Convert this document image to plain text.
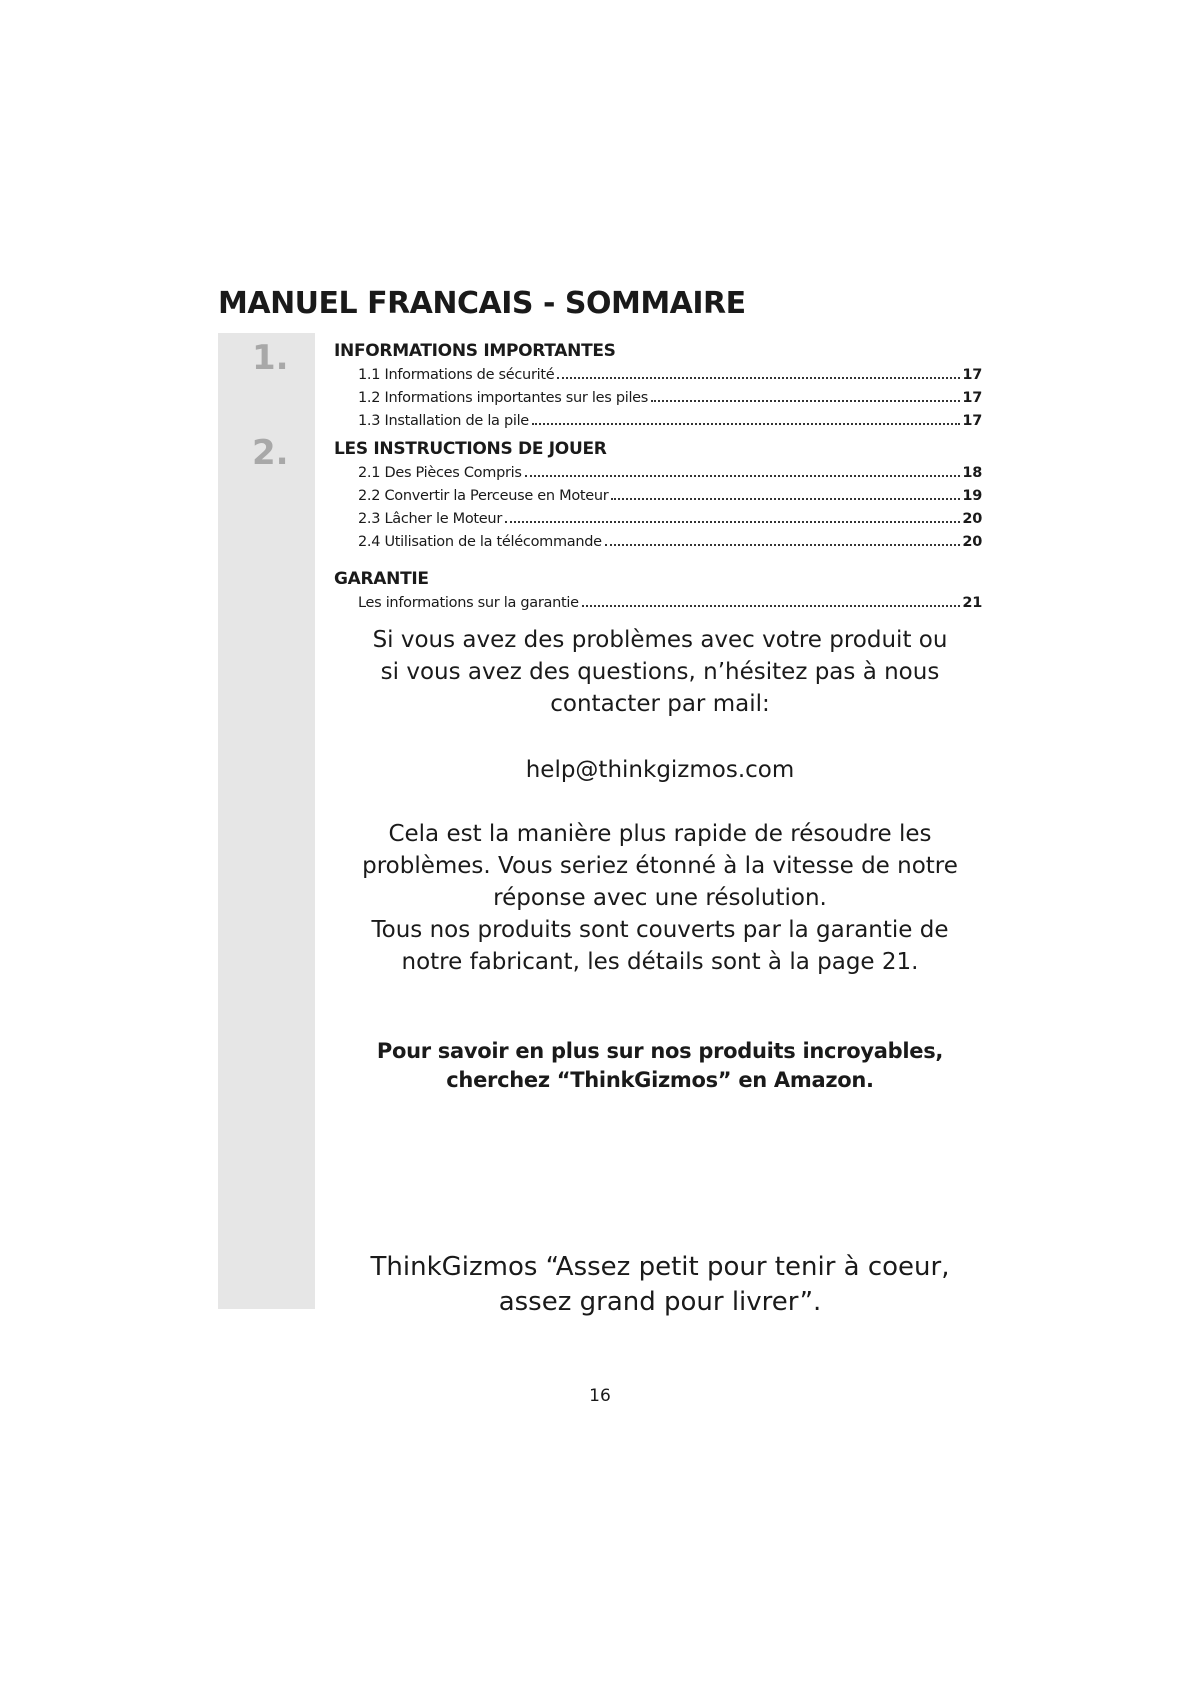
MANUEL FRANCAIS - SOMMAIRE
1.
2.
INFORMATIONS IMPORTANTES
1.1 Informations de sécurité	17
1.2 Informations importantes sur les piles	17
1.3 Installation de la pile	17
LES INSTRUCTIONS DE JOUER
2.1 Des Pièces Compris	18
2.2 Convertir la Perceuse en Moteur	19
2.3 Lâcher le Moteur	20
2.4 Utilisation de la télécommande	20
GARANTIE
Les informations sur la garantie	21
Si vous avez des problèmes avec votre produit ou
si vous avez des questions, n’hésitez pas à nous
contacter par mail:
help@thinkgizmos.com
Cela est la manière plus rapide de résoudre les
problèmes. Vous seriez étonné à la vitesse de notre
réponse avec une résolution.
Tous nos produits sont couverts par la garantie de
notre fabricant, les détails sont à la page 21.
Pour savoir en plus sur nos produits incroyables,
cherchez “ThinkGizmos” en Amazon.
ThinkGizmos “Assez petit pour tenir à coeur,
assez grand pour livrer”.
16
